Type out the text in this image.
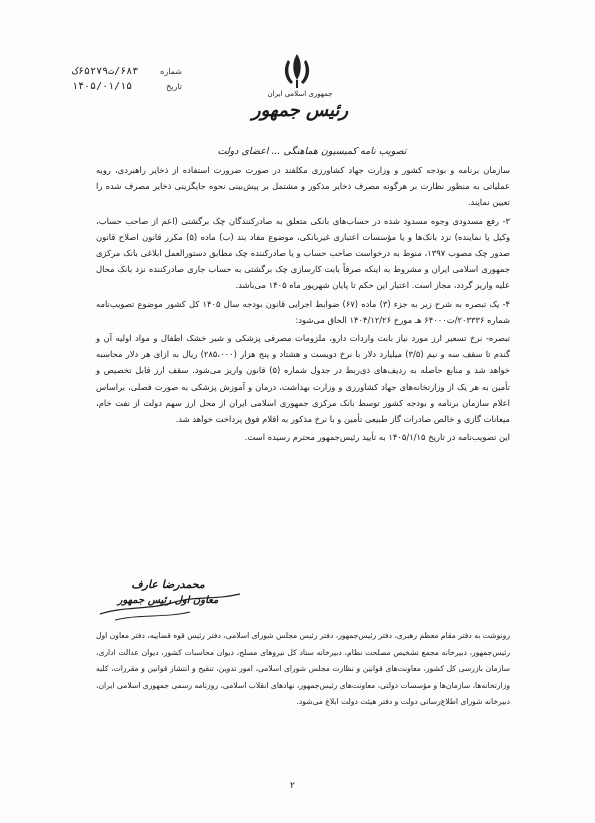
شماره
۶۸۳/ت۶۵۲۷۹ک
تاریخ
۱۴۰۵/۰۱/۱۵
جمهوری اسلامی ایران
رئیس جمهور
تصویب نامه کمیسیون هماهنگی ... اعضای دولت

سازمان برنامه و بودجه کشور و وزارت جهاد کشاورزی مکلفند در صورت ضرورت استفاده از ذخایر راهبردی، رویه عملیاتی به منظور نظارت بر هرگونه مصرف ذخایر مذکور و مشتمل بر پیش‌بینی نحوه جایگزینی ذخایر مصرف شده را تعیین نمایند.

۳- رفع مسدودی وجوه مسدود شده در حساب‌های بانکی متعلق به صادرکنندگان چک برگشتی (اعم از صاحب حساب، وکیل یا نماینده) نزد بانک‌ها و یا مؤسسات اعتباری غیربانکی، موضوع مفاد بند (ب) ماده (۵) مکرر قانون اصلاح قانون صدور چک مصوب ۱۳۹۷، منوط به درخواست صاحب حساب و یا صادرکننده چک مطابق دستورالعمل ابلاغی بانک مرکزی جمهوری اسلامی ایران و مشروط به اینکه صرفاً بابت کارسازی چک برگشتی به حساب جاری صادرکننده نزد بانک محال علیه واریز گردد، مجاز است. اعتبار این حکم تا پایان شهریور ماه ۱۴۰۵ می‌باشد.

۴- یک تبصره به شرح زیر به جزء (۳) ماده (۶۷) ضوابط اجرایی قانون بودجه سال ۱۴۰۵ کل کشور موضوع تصویب‌نامه شماره ۲۰۳۳۳۶/ت۶۴۰۰۰ هـ مورخ ۱۴۰۴/۱۲/۲۶ الحاق می‌شود:

تبصره- نرخ تسعیر ارز مورد نیاز بابت واردات دارو، ملزومات مصرفی پزشکی و شیر خشک اطفال و مواد اولیه آن و گندم تا سقف سه و نیم (۳/۵) میلیارد دلار با نرخ دویست و هشتاد و پنج هزار (۲۸۵،۰۰۰) ریال به ازای هر دلار محاسبه خواهد شد و منابع حاصله به ردیف‌های ذی‌ربط در جدول شماره (۵) قانون واریز می‌شود. سقف ارز قابل تخصیص و تأمین به هر یک از وزارتخانه‌های جهاد کشاورزی و وزارت بهداشت، درمان و آموزش پزشکی به صورت فصلی، براساس اعلام سازمان برنامه و بودجه کشور توسط بانک مرکزی جمهوری اسلامی ایران از محل ارز سهم دولت از نفت خام، میعانات گازی و خالص صادرات گاز طبیعی تأمین و با نرخ مذکور به اقلام فوق پرداخت خواهد شد.

این تصویب‌نامه در تاریخ ۱۴۰۵/۱/۱۵ به تأیید رئیس‌جمهور محترم رسیده است.

محمدرضا عارف
معاون اول رئیس جمهور
رونوشت به دفتر مقام معظم رهبری، دفتر رئیس‌جمهور، دفتر رئیس مجلس شورای اسلامی، دفتر رئیس قوه قضاییه، دفتر معاون اول رئیس‌جمهور، دبیرخانه مجمع تشخیص مصلحت نظام، دبیرخانه ستاد کل نیروهای مسلح، دیوان محاسبات کشور، دیوان عدالت اداری، سازمان بازرسی کل کشور، معاونت‌های قوانین و نظارت مجلس شورای اسلامی، امور تدوین، تنقیح و انتشار قوانین و مقررات، کلیه وزارتخانه‌ها، سازمان‌ها و مؤسسات دولتی، معاونت‌های رئیس‌جمهور، نهادهای انقلاب اسلامی، روزنامه رسمی جمهوری اسلامی ایران، دبیرخانه شورای اطلاع‌رسانی دولت و دفتر هیئت دولت ابلاغ می‌شود.
۲
